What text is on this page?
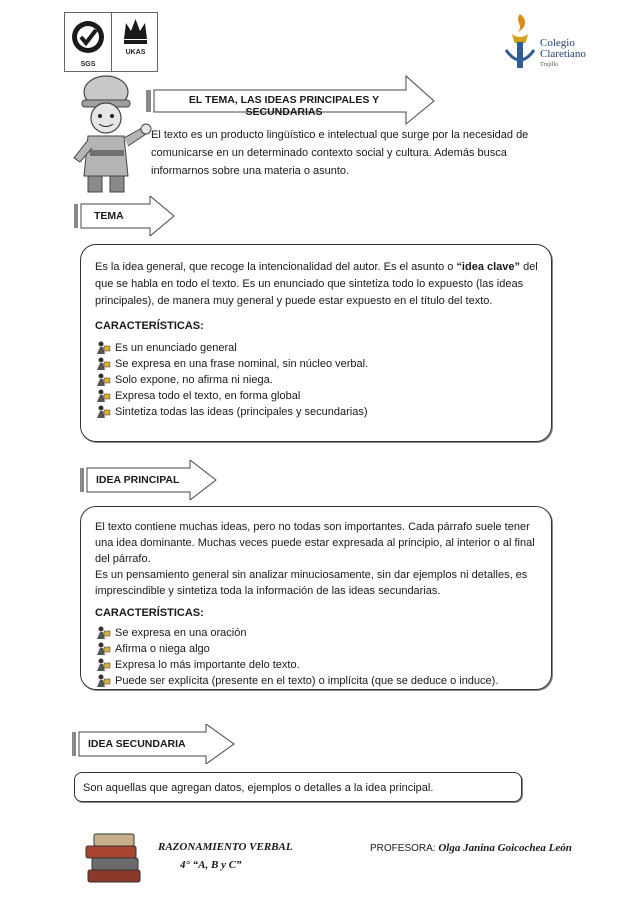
SGS
UKAS
Colegio Claretiano
Trujillo
EL TEMA, LAS IDEAS PRINCIPALES Y SECUNDARIAS
El texto es un producto lingüístico e intelectual que surge por la necesidad de comunicarse en un determinado contexto social y cultura. Además busca informarnos sobre una materia o asunto.
TEMA

Es la idea general, que recoge la intencionalidad del autor. Es el asunto o “idea clave” del que se habla en todo el texto. Es un enunciado que sintetiza todo lo expuesto (las ideas principales), de manera muy general y puede estar expuesto en el título del texto.

CARACTERÍSTICAS:
Es un enunciado general
Se expresa en una frase nominal, sin núcleo verbal.
Solo expone, no afirma ni niega.
Expresa todo el texto, en forma global
Sintetiza todas las ideas (principales y secundarias)
IDEA PRINCIPAL

El texto contiene muchas ideas, pero no todas son importantes. Cada párrafo suele tener una idea dominante. Muchas veces puede estar expresada al principio, al interior o al final del párrafo.

Es un pensamiento general sin analizar minuciosamente, sin dar ejemplos ni detalles, es imprescindible y sintetiza toda la información de las ideas secundarias.

CARACTERÍSTICAS:
Se expresa en una oración
Afirma o niega algo
Expresa lo más importante delo texto.
Puede ser explícita (presente en el texto) o implícita (que se deduce o induce).
IDEA SECUNDARIA

Son aquellas que agregan datos, ejemplos o detalles a la idea principal.

RAZONAMIENTO VERBAL
4° “A, B y C”
PROFESORA: Olga Janina Goicochea León
